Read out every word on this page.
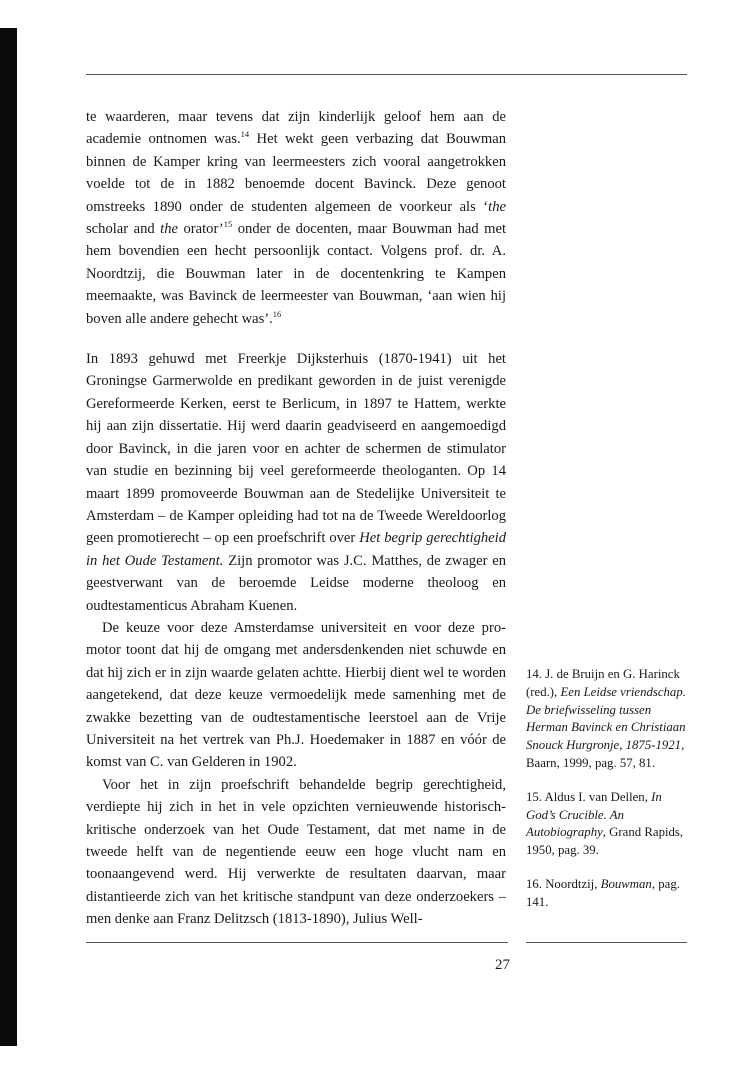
te waarderen, maar tevens dat zijn kinderlijk geloof hem aan de academie ontnomen was.$^{14}$ Het wekt geen verbazing dat Bouwman binnen de Kamper kring van leermeesters zich vooral aangetrokken voelde tot de in 1882 benoemde docent Bavinck. Deze genoot omstreeks 1890 onder de studenten algemeen de voorkeur als ‘the scholar and the orator’$^{15}$ onder de docenten, maar Bouwman had met hem bovendien een hecht persoonlijk contact. Volgens prof. dr. A. Noordtzij, die Bouwman later in de docentenkring te Kampen meemaakte, was Bavinck de leermeester van Bouwman, ‘aan wien hij boven alle andere gehecht was’.$^{16}$

In 1893 gehuwd met Freerkje Dijksterhuis (1870-1941) uit het Groningse Garmerwolde en predikant geworden in de juist verenigde Gereformeerde Kerken, eerst te Berlicum, in 1897 te Hattem, werkte hij aan zijn dissertatie. Hij werd daarin geadviseerd en aangemoedigd door Bavinck, in die jaren voor en achter de schermen de stimulator van studie en bezinning bij veel gereformeerde theologanten. Op 14 maart 1899 promoveerde Bouwman aan de Stedelijke Universiteit te Amsterdam – de Kamper opleiding had tot na de Tweede Wereldoorlog geen promotierecht – op een proefschrift over Het begrip gerechtigheid in het Oude Testament. Zijn promotor was J.C. Matthes, de zwager en geestverwant van de beroemde Leidse moderne theoloog en oudtestamenticus Abraham Kuenen.

De keuze voor deze Amsterdamse universiteit en voor deze promotor toont dat hij de omgang met andersdenkenden niet schuwde en dat hij zich er in zijn waarde gelaten achtte. Hierbij dient wel te worden aangetekend, dat deze keuze vermoedelijk mede samenhing met de zwakke bezetting van de oudtestamentische leerstoel aan de Vrije Universiteit na het vertrek van Ph.J. Hoedemaker in 1887 en vóór de komst van C. van Gelderen in 1902.

Voor het in zijn proefschrift behandelde begrip gerechtigheid, verdiepte hij zich in het in vele opzichten vernieuwende historisch-kritische onderzoek van het Oude Testament, dat met name in de tweede helft van de negentiende eeuw een hoge vlucht nam en toonaangevend werd. Hij verwerkte de resultaten daarvan, maar distantieerde zich van het kritische standpunt van deze onderzoekers – men denke aan Franz Delitzsch (1813-1890), Julius Well-

14. J. de Bruijn en G. Harinck (red.), Een Leidse vriendschap. De briefwisseling tussen Herman Bavinck en Christiaan Snouck Hurgronje, 1875-1921, Baarn, 1999, pag. 57, 81.

15. Aldus I. van Dellen, In God’s Crucible. An Autobiography, Grand Rapids, 1950, pag. 39.

16. Noordtzij, Bouwman, pag. 141.

27
